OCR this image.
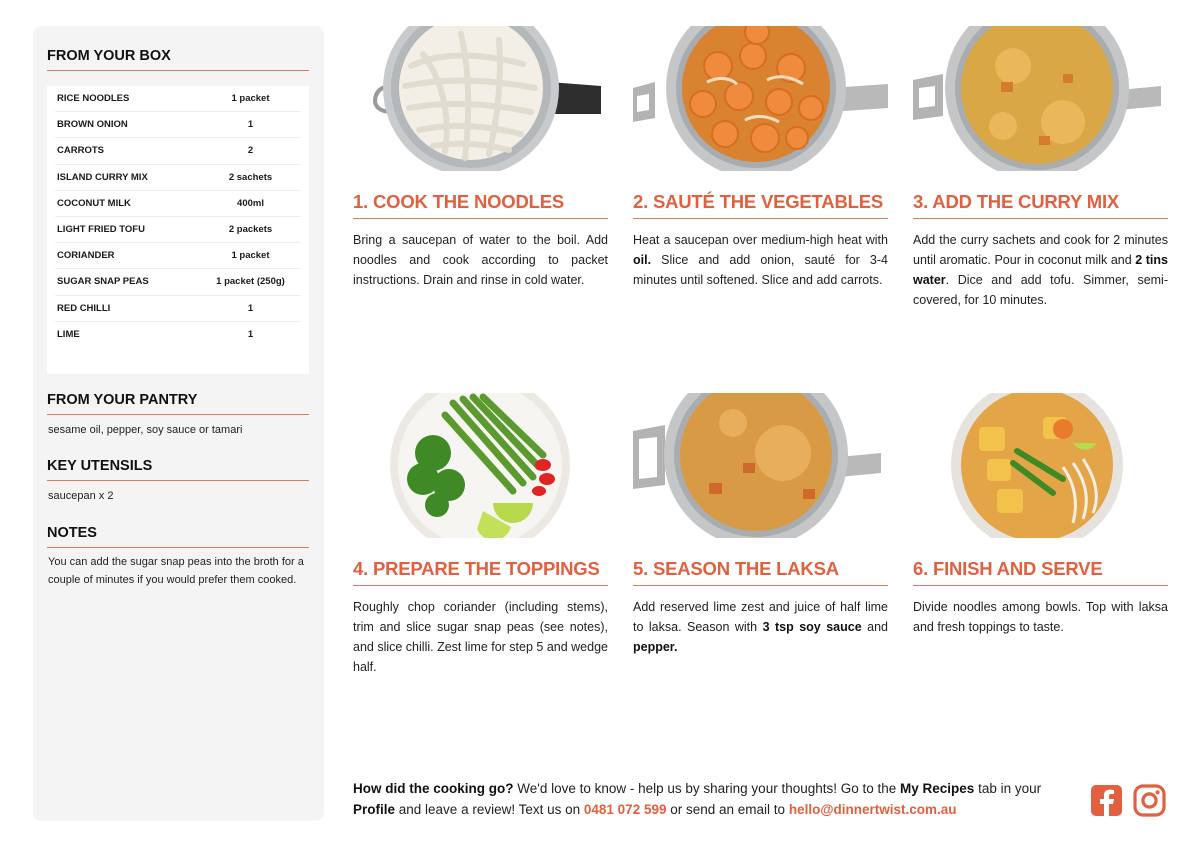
FROM YOUR BOX
RICE NOODLES	1 packet
BROWN ONION	1
CARROTS	2
ISLAND CURRY MIX	2 sachets
COCONUT MILK	400ml
LIGHT FRIED TOFU	2 packets
CORIANDER	1 packet
SUGAR SNAP PEAS	1 packet (250g)
RED CHILLI	1
LIME	1
FROM YOUR PANTRY
sesame oil, pepper, soy sauce or tamari
KEY UTENSILS
saucepan x 2
NOTES
You can add the sugar snap peas into the broth for a couple of minutes if you would prefer them cooked.
1. COOK THE NOODLES
Bring a saucepan of water to the boil. Add noodles and cook according to packet instructions. Drain and rinse in cold water.
2. SAUTÉ THE VEGETABLES
Heat a saucepan over medium-high heat with oil. Slice and add onion, sauté for 3-4 minutes until softened. Slice and add carrots.
3. ADD THE CURRY MIX
Add the curry sachets and cook for 2 minutes until aromatic. Pour in coconut milk and 2 tins water. Dice and add tofu. Simmer, semi-covered, for 10 minutes.
4. PREPARE THE TOPPINGS
Roughly chop coriander (including stems), trim and slice sugar snap peas (see notes), and slice chilli. Zest lime for step 5 and wedge half.
5. SEASON THE LAKSA
Add reserved lime zest and juice of half lime to laksa. Season with 3 tsp soy sauce and pepper.
6. FINISH AND SERVE
Divide noodles among bowls. Top with laksa and fresh toppings to taste.
How did the cooking go? We'd love to know - help us by sharing your thoughts! Go to the My Recipes tab in your Profile and leave a review! Text us on 0481 072 599 or send an email to hello@dinnertwist.com.au
